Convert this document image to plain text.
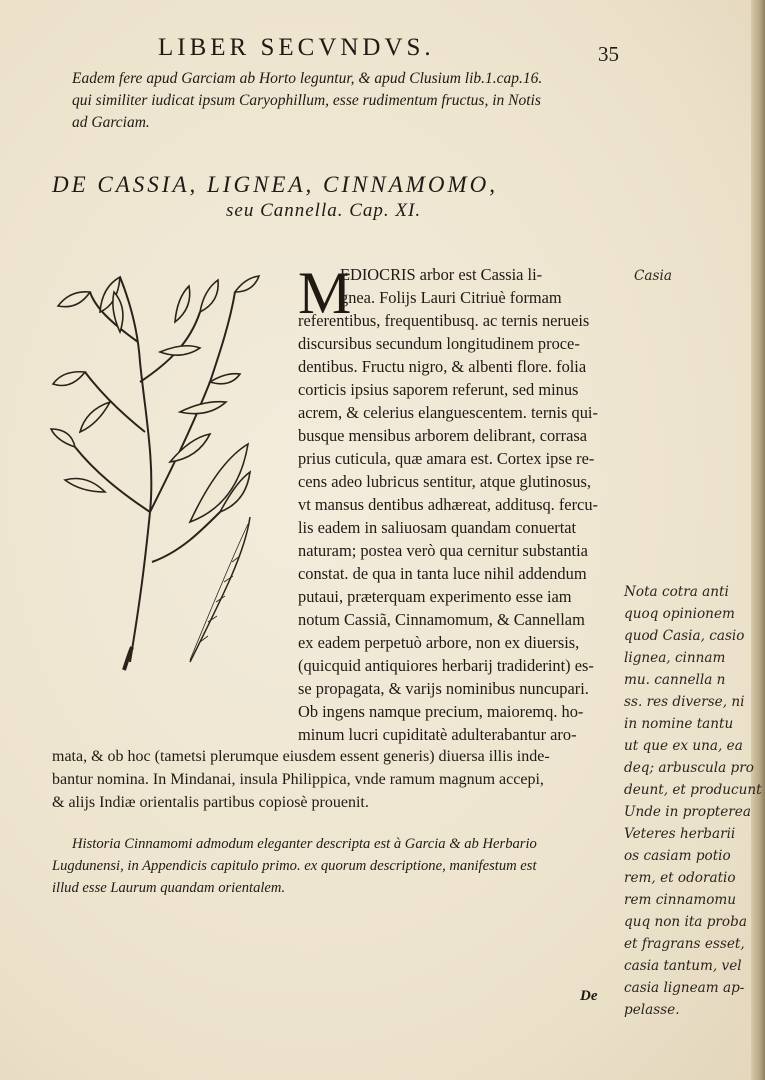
LIBER SECVNDVS.	35

Eadem fere apud Garciam ab Horto leguntur, & apud Clusium lib.1.cap.16.

qui similiter iudicat ipsum Caryophillum, esse rudimentum fructus, in Notis

ad Garciam.

DE CASSIA, LIGNEA, CINNAMOMO,

seu Cannella. Cap. XI.

M

EDIOCRIS arbor est Cassia li-

gnea. Folijs Lauri Citriuè formam

referentibus, frequentibusq. ac ternis nerueis

discursibus secundum longitudinem proce-

dentibus. Fructu nigro, & albenti flore. folia

corticis ipsius saporem referunt, sed minus

acrem, & celerius elanguescentem. ternis qui-

busque mensibus arborem delibrant, corrasa

prius cuticula, quæ amara est. Cortex ipse re-

cens adeo lubricus sentitur, atque glutinosus,

vt mansus dentibus adhæreat, additusq. fercu-

lis eadem in saliuosam quandam conuertat

naturam; postea verò qua cernitur substantia

constat. de qua in tanta luce nihil addendum

putaui, præterquam experimento esse iam

notum Cassiã, Cinnamomum, & Cannellam

ex eadem perpetuò arbore, non ex diuersis,

(quicquid antiquiores herbarij tradiderint) es-

se propagata, & varijs nominibus nuncupari.

Ob ingens namque precium, maioremq. ho-

minum lucri cupiditatè adulterabantur aro-

mata, & ob hoc (tametsi plerumque eiusdem essent generis) diuersa illis inde-

bantur nomina. In Mindanai, insula Philippica, vnde ramum magnum accepi,

& alijs Indiæ orientalis partibus copiosè prouenit.

Historia Cinnamomi admodum eleganter descripta est à Garcia & ab Herbario

Lugdunensi, in Appendicis capitulo primo. ex quorum descriptione, manifestum est

illud esse Laurum quandam orientalem.

Casia

Nota cotra anti

quoq opinionem

quod Casia, casio

lignea, cinnam

mu. cannella n

ss. res diverse, ni

in nomine tantu

ut que ex una, ea

deq; arbuscula pro

deunt, et producunt

Unde in propterea

Veteres herbarii

os casiam potio

rem, et odoratio

rem cinnamomu

quq non ita proba

et fragrans esset,

casia tantum, vel

casia ligneam ap-

pelasse.

De
